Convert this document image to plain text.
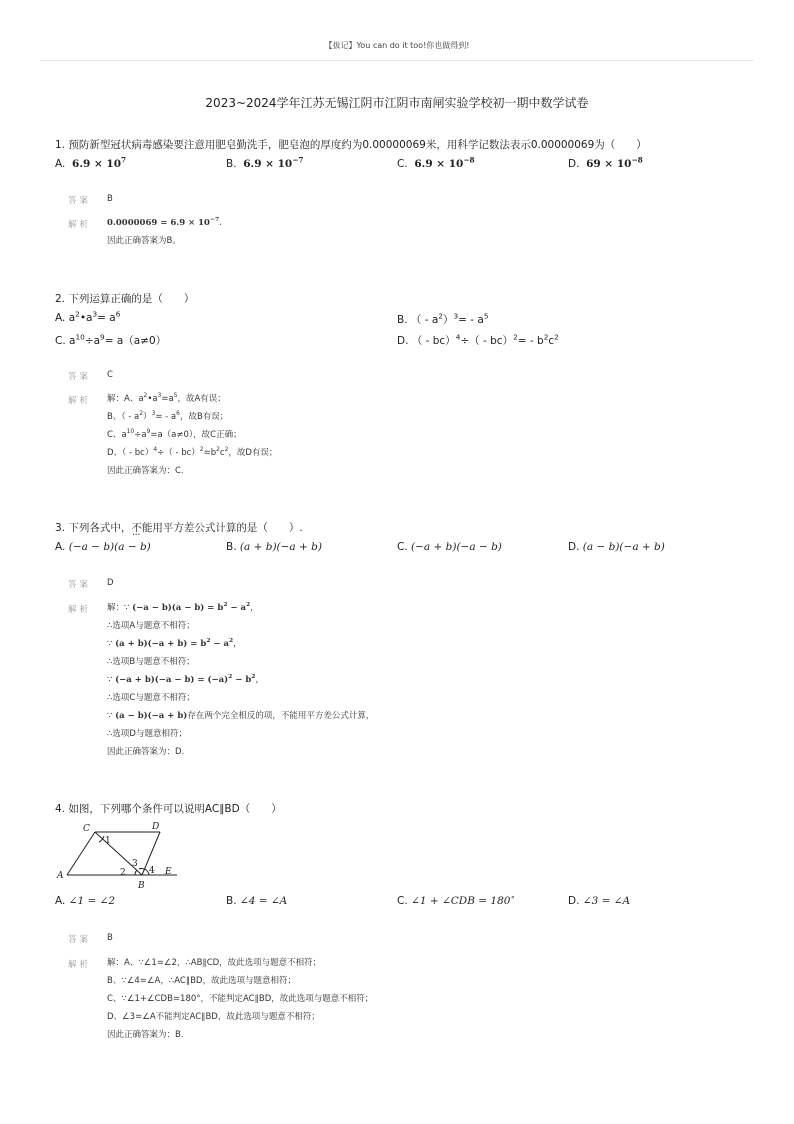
【拔记】You can do it too!你也做得到!
2023~2024学年江苏无锡江阴市江阴市南闸实验学校初一期中数学试卷
1. 预防新型冠状病毒感染要注意用肥皂勤洗手，肥皂泡的厚度约为0.00000069米，用科学记数法表示0.00000069为（　　）
A. $6.9 \times 10^7$	B. $6.9 \times 10^{-7}$	C. $6.9 \times 10^{-8}$	D. $69 \times 10^{-8}$
答案 B
解析 $0.0000069 = 6.9 \times 10^{-7}$.
因此正确答案为B。
2. 下列运算正确的是（　　）
A. $a^2•a^3= a^6$	B. （ - $a^2)^3= - a^5$
C. $a^{10}\div a^9= a(a\ne 0)$	D. （ - $bc)^4\div( - bc)^2= - b^2c^2$
答案 C
解析 解：A、$a^2•a^3=a^5$，故A有误；
B、（ - $a^2)^3= - a^6$，故B有误；
C、$a^{10}\div a^9=a(a\ne 0)$，故C正确；
D、（ - $bc)^4\div( - bc)^2=b^2c^2$，故D有误；
因此正确答案为：C.
3. 下列各式中，不能 • • •用平方差公式计算的是（　　）.
A. (−a − b)(a − b)	B. (a + b)(−a + b)	C. (−a + b)(−a − b)	D. (a − b)(−a + b)
答案 D
解析 解：∵ $(-a - b)(a - b) = b^2 - a^2$，
∴选项A与题意不相符；
∵ $(a + b)(-a + b) = b^2 - a^2$，
∴选项B与题意不相符；
∵ $(-a + b)(-a - b) = (-a)^2 - b^2$，
∴选项C与题意不相符；
∵ (a − b)(−a + b)存在两个完全相反的项，不能用平方差公式计算，
∴选项D与题意相符；
因此正确答案为：D.
4. 如图，下列哪个条件可以说明AC∥BD（　　）
C	D
A
B
E
1
2
3
4
A. ∠1 = ∠2	B. ∠4 = ∠A	C. ∠1 + ∠CDB = 180∘	D. ∠3 = ∠A
答案 B
解析 解：A、∵∠1=∠2，∴AB∥CD，故此选项与题意不相符；
B、∵∠4=∠A，∴AC∥BD，故此选项与题意相符；
C、∵∠1+∠CDB=180°，不能判定AC∥BD，故此选项与题意不相符；
D、∠3=∠A不能判定AC∥BD，故此选项与题意不相符；
因此正确答案为：B.
